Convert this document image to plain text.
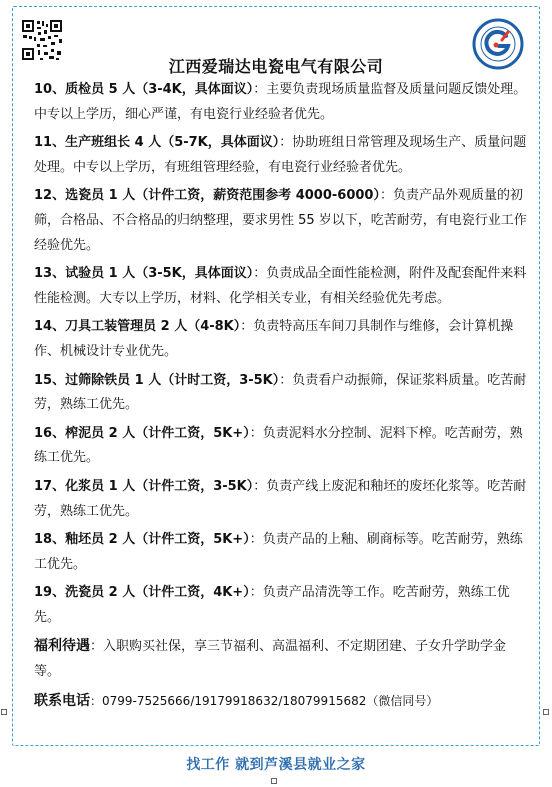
江西爱瑞达电瓷电气有限公司
10、质检员 5 人（3-4K，具体面议）：主要负责现场质量监督及质量问题反馈处理。中专以上学历，细心严谨，有电瓷行业经验者优先。
11、生产班组长 4 人（5-7K，具体面议）：协助班组日常管理及现场生产、质量问题处理。中专以上学历，有班组管理经验，有电瓷行业经验者优先。
12、选瓷员 1 人（计件工资，薪资范围参考 4000-6000）：负责产品外观质量的初筛，合格品、不合格品的归纳整理，要求男性 55 岁以下，吃苦耐劳，有电瓷行业工作经验优先。
13、试验员 1 人（3-5K，具体面议）：负责成品全面性能检测，附件及配套配件来料性能检测。大专以上学历，材料、化学相关专业，有相关经验优先考虑。
14、刀具工装管理员 2 人（4-8K）：负责特高压车间刀具制作与维修，会计算机操作、机械设计专业优先。
15、过筛除铁员 1 人（计时工资，3-5K）：负责看户动振筛，保证浆料质量。吃苦耐劳，熟练工优先。
16、榨泥员 2 人（计件工资，5K+）：负责泥料水分控制、泥料下榨。吃苦耐劳，熟练工优先。
17、化浆员 1 人（计件工资，3-5K）：负责产线上废泥和釉坯的废坯化浆等。吃苦耐劳，熟练工优先。
18、釉坯员 2 人（计件工资，5K+）：负责产品的上釉、刷商标等。吃苦耐劳，熟练工优先。
19、洗瓷员 2 人（计件工资，4K+）：负责产品清洗等工作。吃苦耐劳，熟练工优先。
福利待遇：入职购买社保，享三节福利、高温福利、不定期团建、子女升学助学金等。
联系电话：0799-7525666/19179918632/18079915682（微信同号）
找工作 就到芦溪县就业之家
